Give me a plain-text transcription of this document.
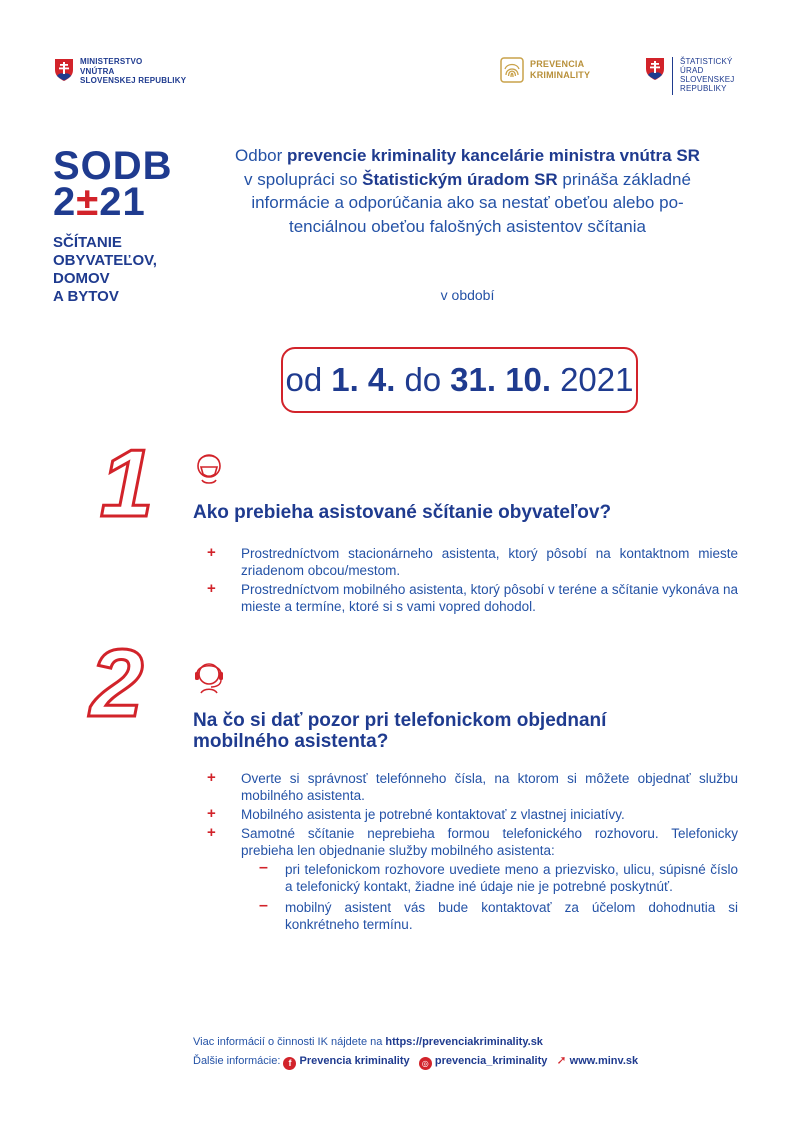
MINISTERSTVO
VNÚTRA
SLOVENSKEJ REPUBLIKY
PREVENCIA
KRIMINALITY
ŠTATISTICKÝ
ÚRAD
SLOVENSKEJ
REPUBLIKY
SODB
2±21
SČÍTANIE
OBYVATEĽOV,
DOMOV
A BYTOV
Odbor prevencie kriminality kancelárie ministra vnútra SR
v spolupráci so Štatistickým úradom SR prináša základné
informácie a odporúčania ako sa nestať obeťou alebo po-
tenciálnou obeťou falošných asistentov sčítania
v období
od 1. 4. do 31. 10. 2021
1 Ako prebieha asistované sčítanie obyvateľov?
+ Prostredníctvom stacionárneho asistenta, ktorý pôsobí na kontaktnom mieste zriadenom obcou/mestom.
+ Prostredníctvom mobilného asistenta, ktorý pôsobí v teréne a sčítanie vykonáva na mieste a termíne, ktoré si s vami vopred dohodol.
2	Na čo si dať pozor pri telefonickom objednaní
mobilného asistenta?
+ Overte si správnosť telefónneho čísla, na ktorom si môžete objednať službu mobilného asistenta.
+ Mobilného asistenta je potrebné kontaktovať z vlastnej iniciatívy.
+ Samotné sčítanie neprebieha formou telefonického rozhovoru. Telefonicky prebieha len objednanie služby mobilného asistenta:
– pri telefonickom rozhovore uvediete meno a priezvisko, ulicu, súpisné číslo a telefonický kontakt, žiadne iné údaje nie je potrebné poskytnúť.
– mobilný asistent vás bude kontaktovať za účelom dohodnutia si konkrétneho termínu.
Viac informácií o činnosti IK nájdete na https://prevenciakriminality.sk
Ďalšie informácie: f Prevencia kriminality ◎ prevencia_kriminality ➚ www.minv.sk
